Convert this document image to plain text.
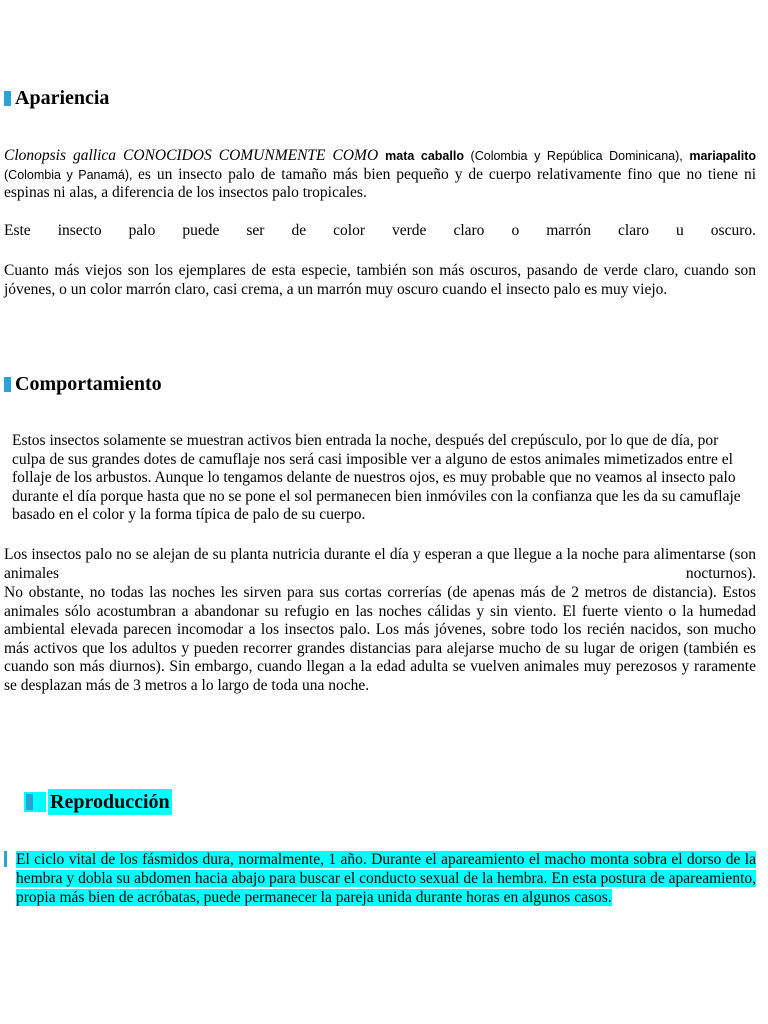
Apariencia

Clonopsis gallica CONOCIDOS COMUNMENTE COMO mata caballo (Colombia y República Dominicana), mariapalito (Colombia y Panamá), es un insecto palo de tamaño más bien pequeño y de cuerpo relativamente fino que no tiene ni espinas ni alas, a diferencia de los insectos palo tropicales.

Este insecto palo puede ser de color verde claro o marrón claro u oscuro.

Cuanto más viejos son los ejemplares de esta especie, también son más oscuros, pasando de verde claro, cuando son jóvenes, o un color marrón claro, casi crema, a un marrón muy oscuro cuando el insecto palo es muy viejo.

Comportamiento

Estos insectos solamente se muestran activos bien entrada la noche, después del crepúsculo, por lo que de día, por culpa de sus grandes dotes de camuflaje nos será casi imposible ver a alguno de estos animales mimetizados entre el follaje de los arbustos. Aunque lo tengamos delante de nuestros ojos, es muy probable que no veamos al insecto palo durante el día porque hasta que no se pone el sol permanecen bien inmóviles con la confianza que les da su camuflaje basado en el color y la forma típica de palo de su cuerpo.

Los insectos palo no se alejan de su planta nutricia durante el día y esperan a que llegue a la noche para alimentarse (son animales nocturnos).

No obstante, no todas las noches les sirven para sus cortas correrías (de apenas más de 2 metros de distancia). Estos animales sólo acostumbran a abandonar su refugio en las noches cálidas y sin viento. El fuerte viento o la humedad ambiental elevada parecen incomodar a los insectos palo. Los más jóvenes, sobre todo los recién nacidos, son mucho más activos que los adultos y pueden recorrer grandes distancias para alejarse mucho de su lugar de origen (también es cuando son más diurnos). Sin embargo, cuando llegan a la edad adulta se vuelven animales muy perezosos y raramente se desplazan más de 3 metros a lo largo de toda una noche.

Reproducción

El ciclo vital de los fásmidos dura, normalmente, 1 año. Durante el apareamiento el macho monta sobra el dorso de la hembra y dobla su abdomen hacia abajo para buscar el conducto sexual de la hembra. En esta postura de apareamiento, propia más bien de acróbatas, puede permanecer la pareja unida durante horas en algunos casos.
